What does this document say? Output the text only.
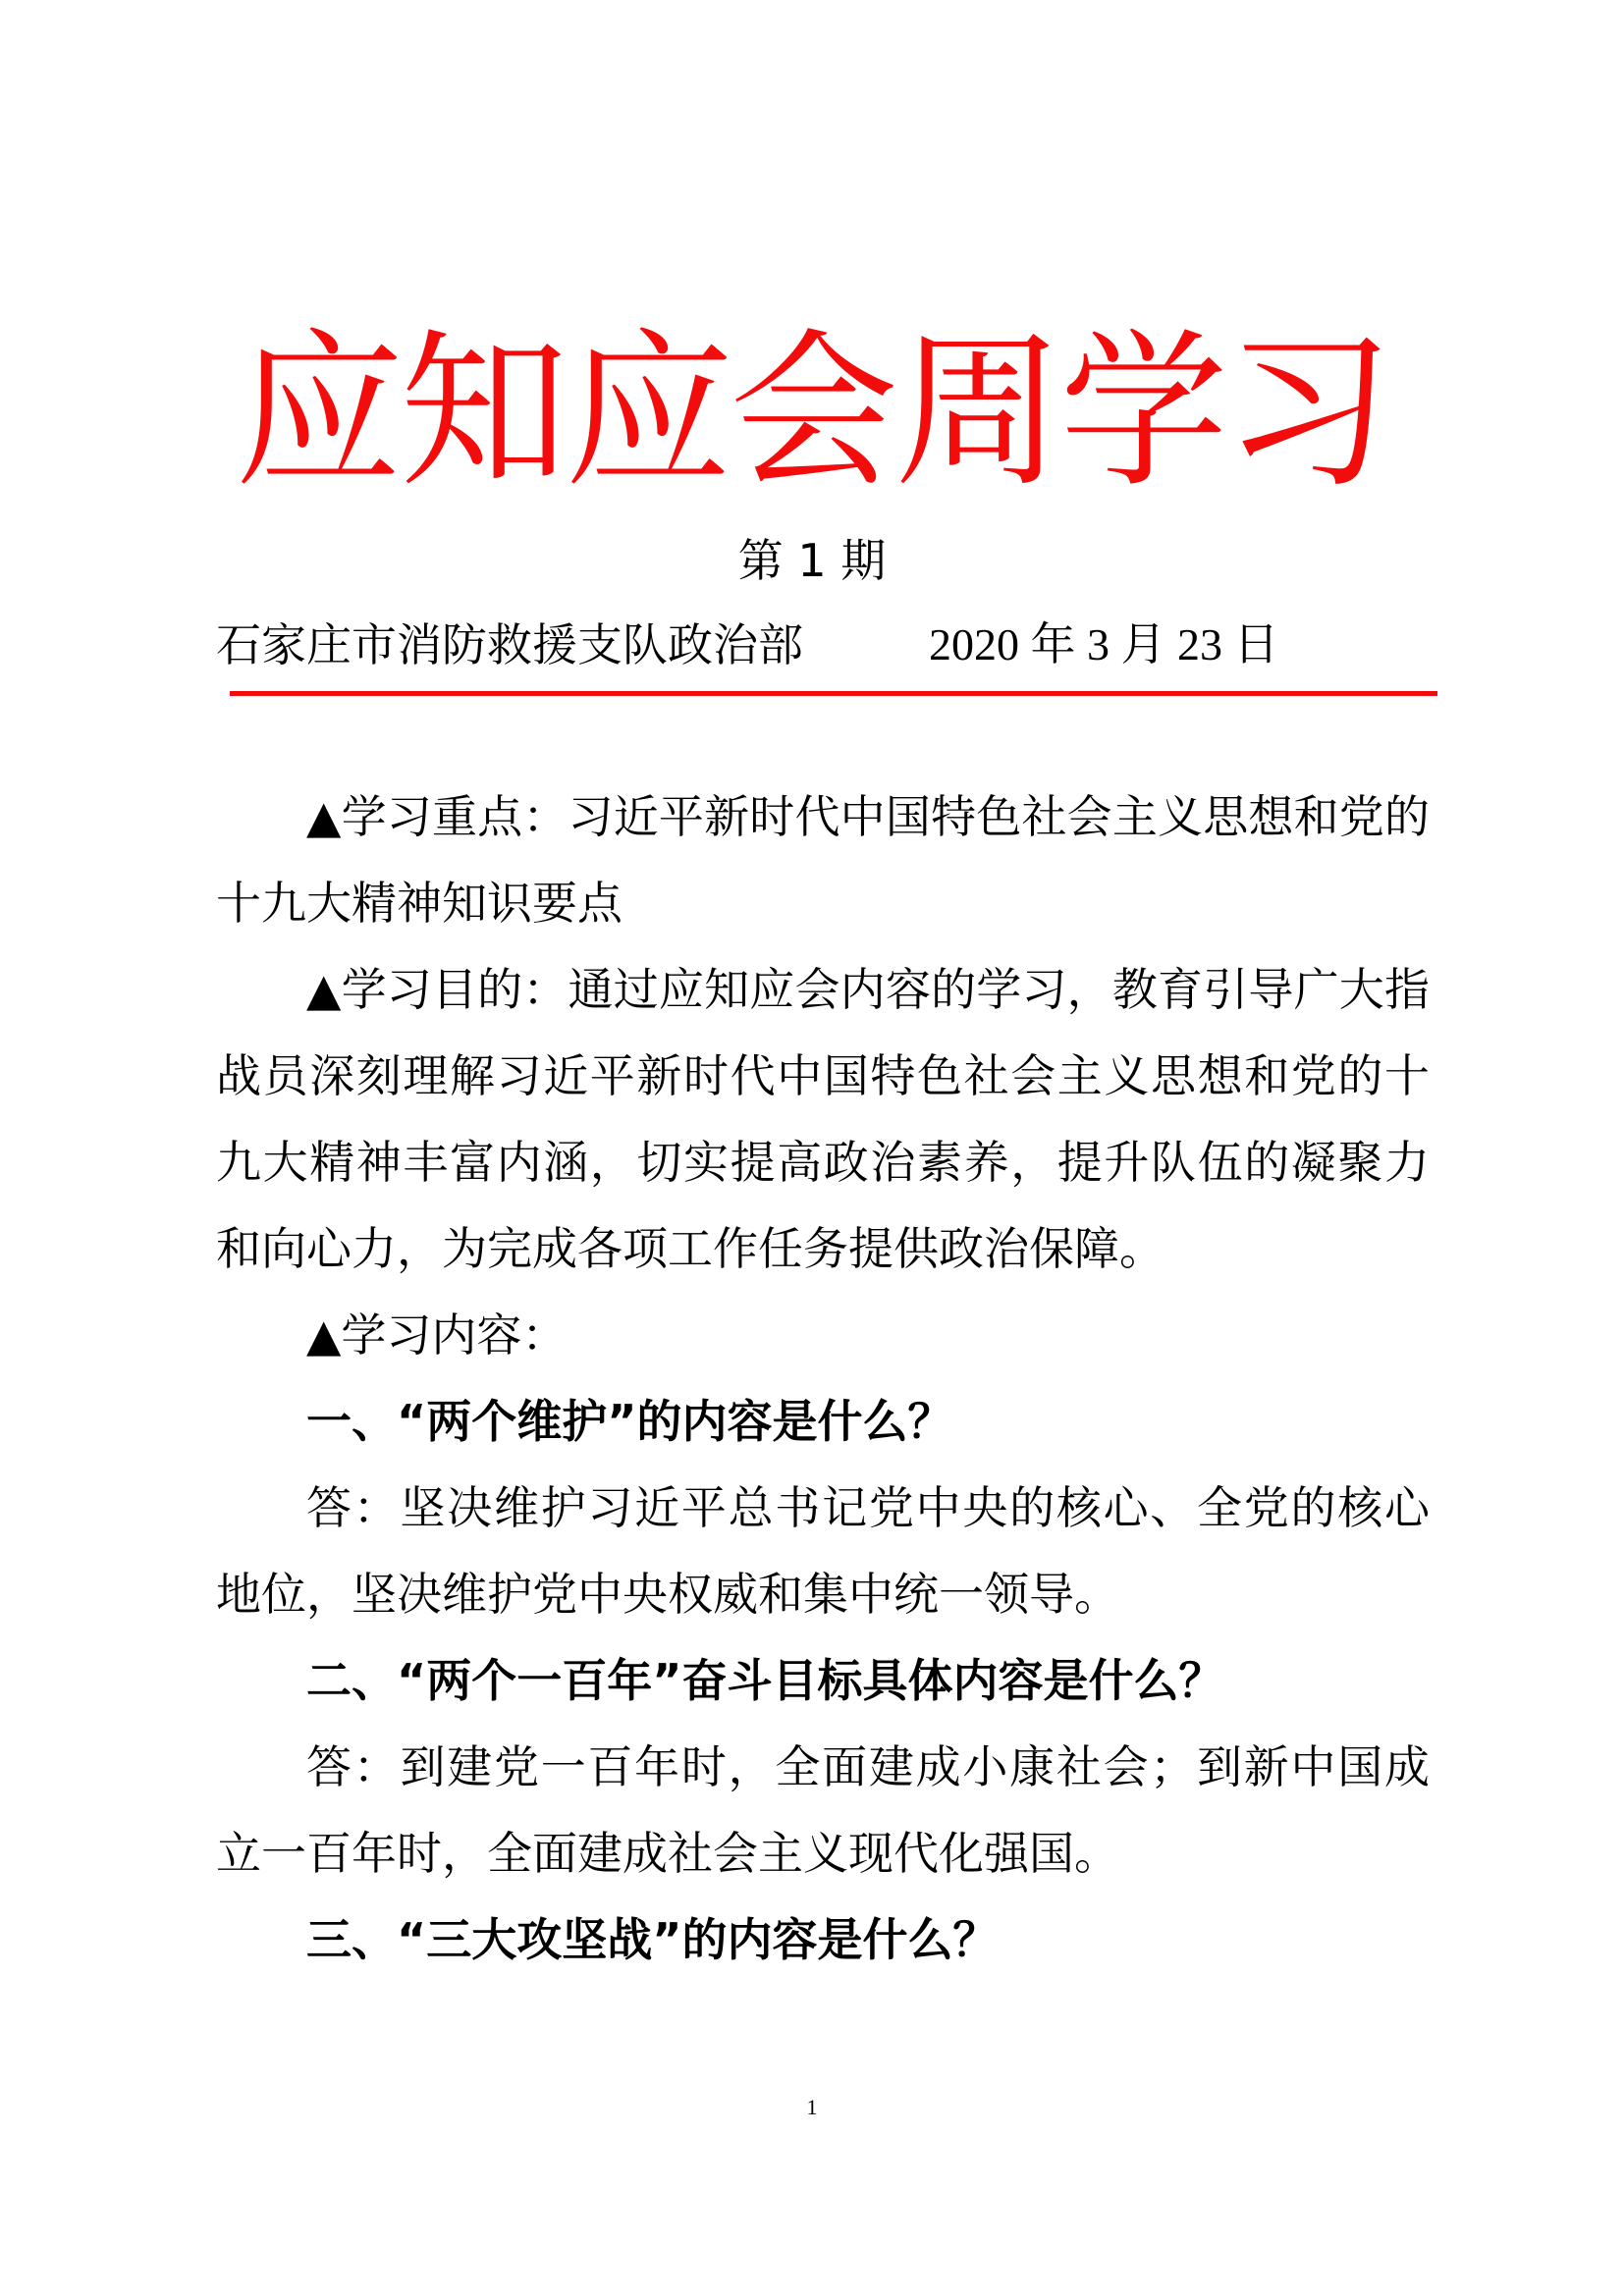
应知应会周学习
第 1 期
石家庄市消防救援支队政治部	2020 年 3 月 23 日

▲学习重点：习近平新时代中国特色社会主义思想和党的十九大精神知识要点

▲学习目的：通过应知应会内容的学习，教育引导广大指战员深刻理解习近平新时代中国特色社会主义思想和党的十九大精神丰富内涵，切实提高政治素养，提升队伍的凝聚力和向心力，为完成各项工作任务提供政治保障。

▲学习内容：

一、“两个维护”的内容是什么？

答：坚决维护习近平总书记党中央的核心、全党的核心地位，坚决维护党中央权威和集中统一领导。

二、“两个一百年”奋斗目标具体内容是什么？

答：到建党一百年时，全面建成小康社会；到新中国成立一百年时，全面建成社会主义现代化强国。

三、“三大攻坚战”的内容是什么？

1
